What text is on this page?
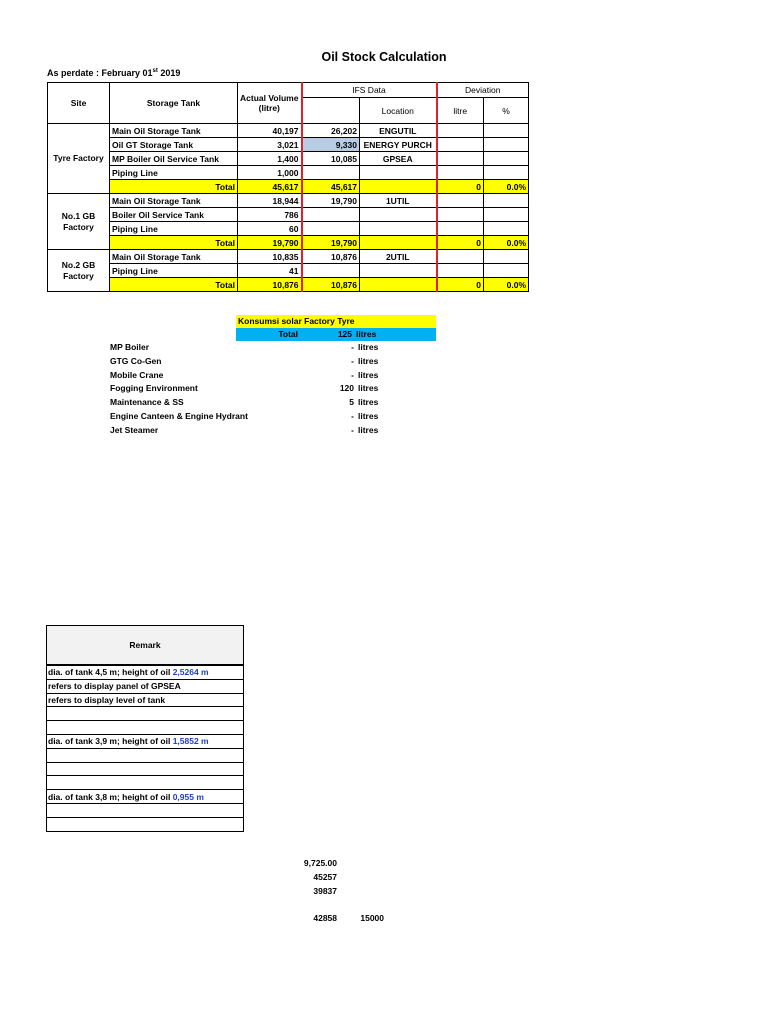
Oil Stock Calculation
As perdate : February 01st 2019
Site	Storage Tank	Actual Volume (litre)	IFS Data		Deviation	
				Location	litre	%
Tyre Factory	Main Oil Storage Tank	40,197	26,202	ENGUTIL		
	Oil GT Storage Tank	3,021	9,330	ENERGY PURCH		
	MP Boiler Oil Service Tank	1,400	10,085	GPSEA		
	Piping Line	1,000				
	Total	45,617	45,617		0	0.0%
No.1 GB Factory	Main Oil Storage Tank	18,944	19,790	1UTIL		
	Boiler Oil Service Tank	786				
	Piping Line	60				
	Total	19,790	19,790		0	0.0%
No.2 GB Factory	Main Oil Storage Tank	10,835	10,876	2UTIL		
	Piping Line	41				
	Total	10,876	10,876		0	0.0%
Konsumsi solar Factory Tyre
Total	125	litres
MP Boiler	-	litres
GTG Co-Gen	-	litres
Mobile Crane	-	litres
Fogging Environment	120	litres
Maintenance & SS	5	litres
Engine Canteen & Engine Hydrant	-	litres
Jet Steamer	-	litres
Remark
dia. of tank 4,5 m; height of oil 2,5264 m
refers to display panel of GPSEA
refers to display level of tank

dia. of tank 3,9 m; height of oil 1,5852 m

dia. of tank 3,8 m; height of oil 0,955 m

9,725.00
45257
39837
42858	15000
